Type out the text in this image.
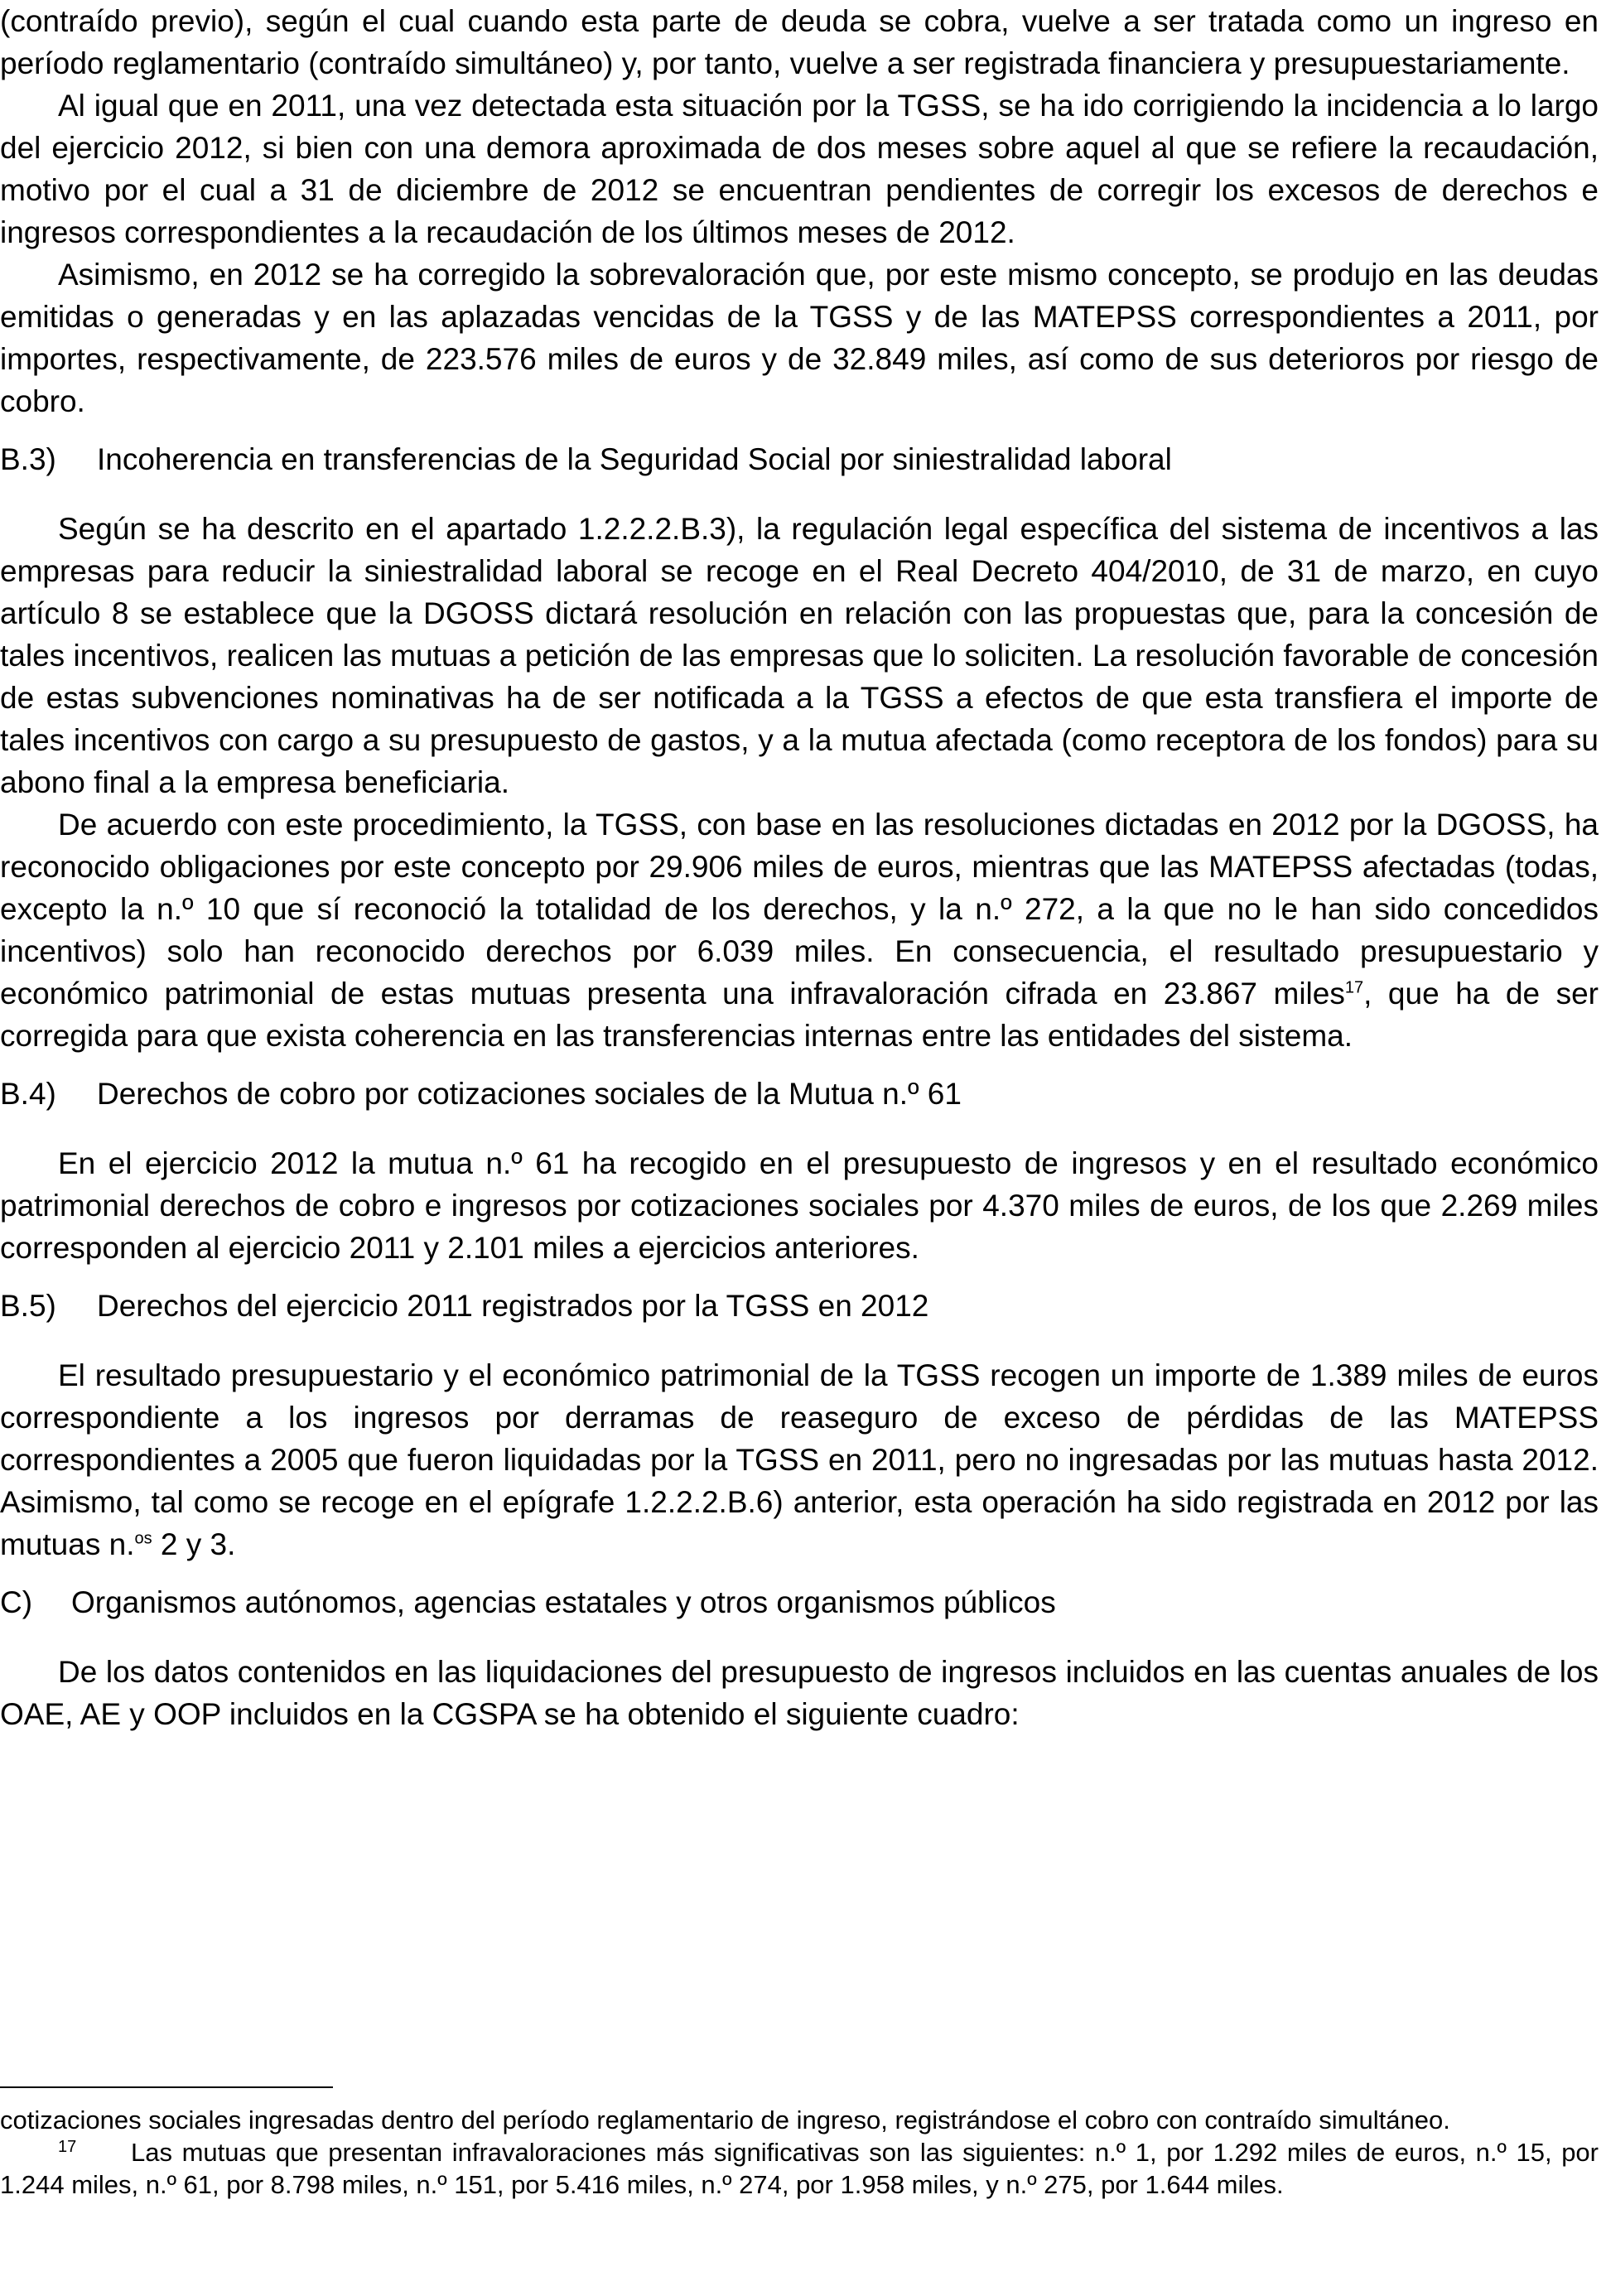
(contraído previo), según el cual cuando esta parte de deuda se cobra, vuelve a ser tratada como un ingreso en período reglamentario (contraído simultáneo) y, por tanto, vuelve a ser registrada financiera y presupuestariamente.

Al igual que en 2011, una vez detectada esta situación por la TGSS, se ha ido corrigiendo la incidencia a lo largo del ejercicio 2012, si bien con una demora aproximada de dos meses sobre aquel al que se refiere la recaudación, motivo por el cual a 31 de diciembre de 2012 se encuentran pendientes de corregir los excesos de derechos e ingresos correspondientes a la recaudación de los últimos meses de 2012.

Asimismo, en 2012 se ha corregido la sobrevaloración que, por este mismo concepto, se produjo en las deudas emitidas o generadas y en las aplazadas vencidas de la TGSS y de las MATEPSS correspondientes a 2011, por importes, respectivamente, de 223.576 miles de euros y de 32.849 miles, así como de sus deterioros por riesgo de cobro.

B.3) Incoherencia en transferencias de la Seguridad Social por siniestralidad laboral

Según se ha descrito en el apartado 1.2.2.2.B.3), la regulación legal específica del sistema de incentivos a las empresas para reducir la siniestralidad laboral se recoge en el Real Decreto 404/2010, de 31 de marzo, en cuyo artículo 8 se establece que la DGOSS dictará resolución en relación con las propuestas que, para la concesión de tales incentivos, realicen las mutuas a petición de las empresas que lo soliciten. La resolución favorable de concesión de estas subvenciones nominativas ha de ser notificada a la TGSS a efectos de que esta transfiera el importe de tales incentivos con cargo a su presupuesto de gastos, y a la mutua afectada (como receptora de los fondos) para su abono final a la empresa beneficiaria.

De acuerdo con este procedimiento, la TGSS, con base en las resoluciones dictadas en 2012 por la DGOSS, ha reconocido obligaciones por este concepto por 29.906 miles de euros, mientras que las MATEPSS afectadas (todas, excepto la n.º 10 que sí reconoció la totalidad de los derechos, y la n.º 272, a la que no le han sido concedidos incentivos) solo han reconocido derechos por 6.039 miles. En consecuencia, el resultado presupuestario y económico patrimonial de estas mutuas presenta una infravaloración cifrada en 23.867 miles$^{17}$, que ha de ser corregida para que exista coherencia en las transferencias internas entre las entidades del sistema.

B.4) Derechos de cobro por cotizaciones sociales de la Mutua n.º 61

En el ejercicio 2012 la mutua n.º 61 ha recogido en el presupuesto de ingresos y en el resultado económico patrimonial derechos de cobro e ingresos por cotizaciones sociales por 4.370 miles de euros, de los que 2.269 miles corresponden al ejercicio 2011 y 2.101 miles a ejercicios anteriores.

B.5) Derechos del ejercicio 2011 registrados por la TGSS en 2012

El resultado presupuestario y el económico patrimonial de la TGSS recogen un importe de 1.389 miles de euros correspondiente a los ingresos por derramas de reaseguro de exceso de pérdidas de las MATEPSS correspondientes a 2005 que fueron liquidadas por la TGSS en 2011, pero no ingresadas por las mutuas hasta 2012. Asimismo, tal como se recoge en el epígrafe 1.2.2.2.B.6) anterior, esta operación ha sido registrada en 2012 por las mutuas n.$^{os}$ 2 y 3.

C) Organismos autónomos, agencias estatales y otros organismos públicos

De los datos contenidos en las liquidaciones del presupuesto de ingresos incluidos en las cuentas anuales de los OAE, AE y OOP incluidos en la CGSPA se ha obtenido el siguiente cuadro:

cotizaciones sociales ingresadas dentro del período reglamentario de ingreso, registrándose el cobro con contraído simultáneo.

17 Las mutuas que presentan infravaloraciones más significativas son las siguientes: n.º 1, por 1.292 miles de euros, n.º 15, por 1.244 miles, n.º 61, por 8.798 miles, n.º 151, por 5.416 miles, n.º 274, por 1.958 miles, y n.º 275, por 1.644 miles.
